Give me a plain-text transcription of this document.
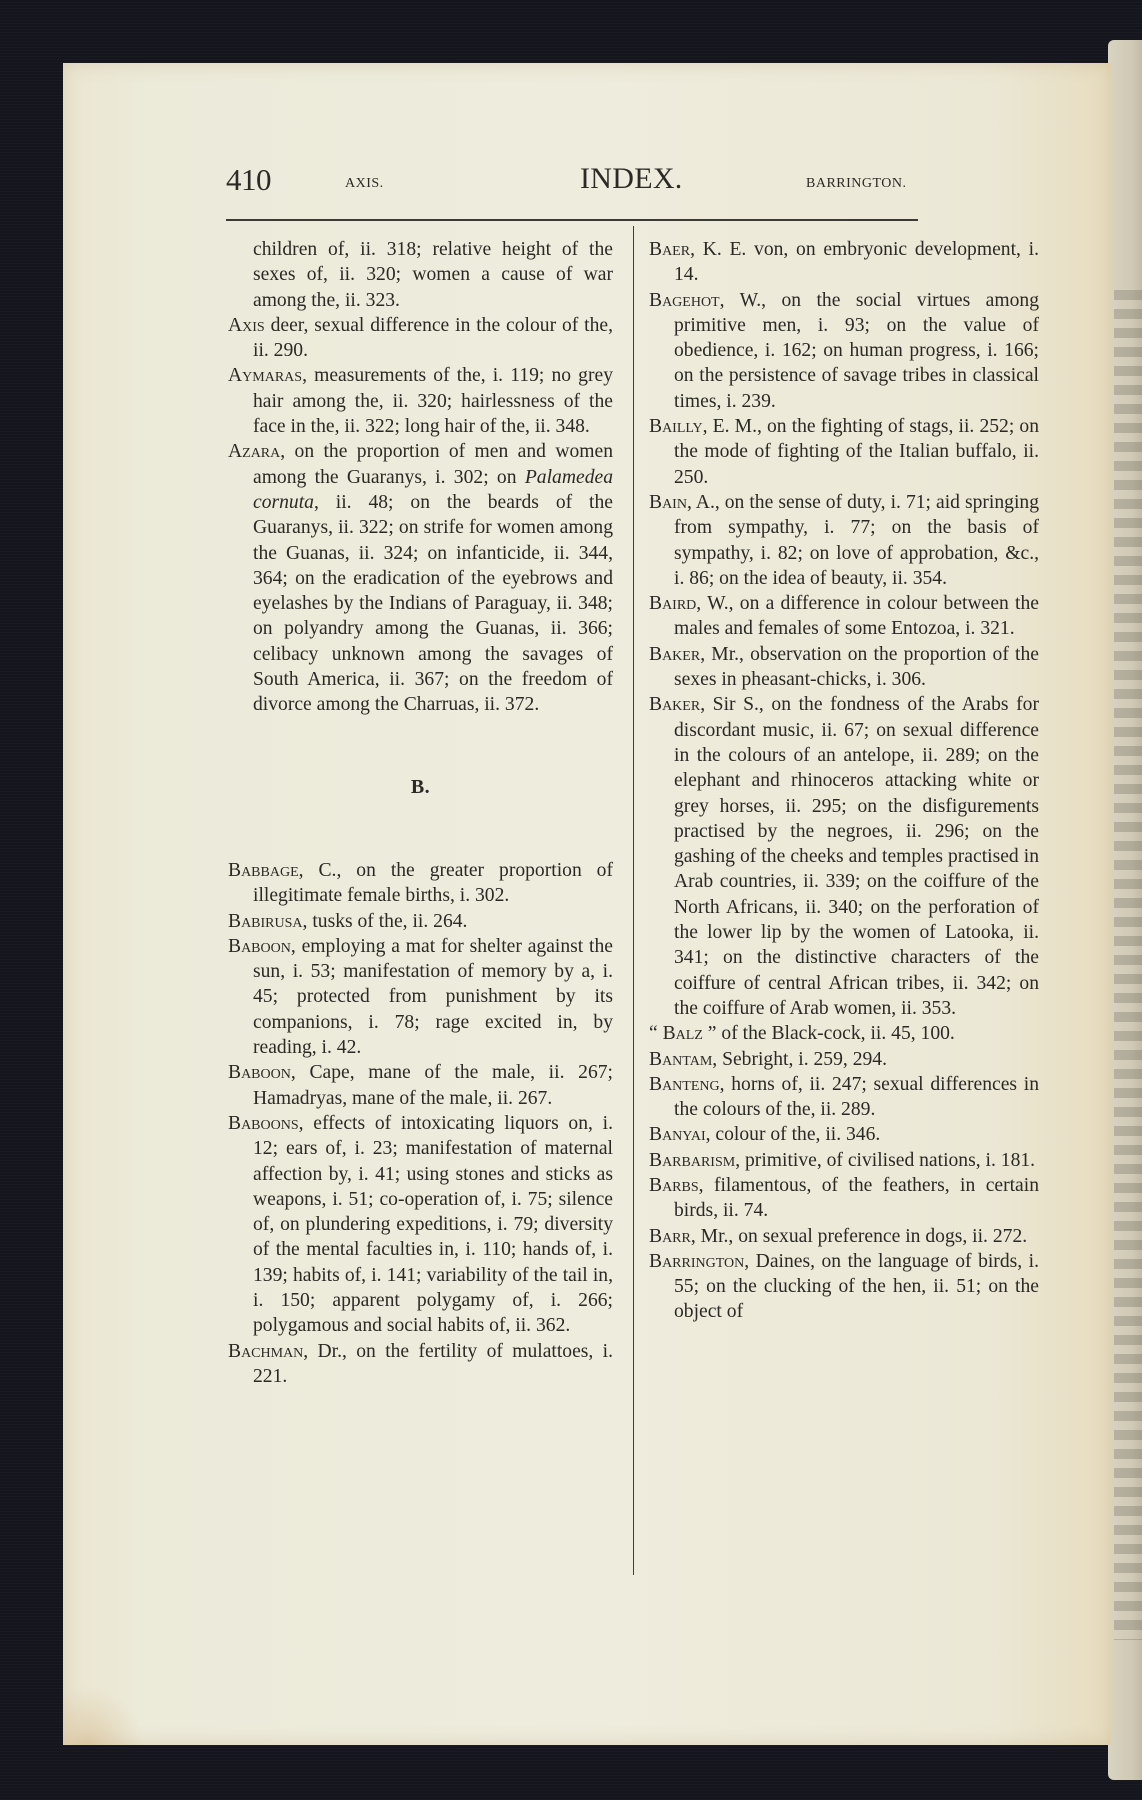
410	AXIS.	INDEX.	BARRINGTON.

children of, ii. 318; relative height of the sexes of, ii. 320; women a cause of war among the, ii. 323.

Axis deer, sexual difference in the colour of the, ii. 290.

Aymaras, measurements of the, i. 119; no grey hair among the, ii. 320; hairlessness of the face in the, ii. 322; long hair of the, ii. 348.

Azara, on the proportion of men and women among the Guaranys, i. 302; on Palamedea cornuta, ii. 48; on the beards of the Guaranys, ii. 322; on strife for women among the Guanas, ii. 324; on infanticide, ii. 344, 364; on the eradication of the eyebrows and eyelashes by the Indians of Paraguay, ii. 348; on polyandry among the Guanas, ii. 366; celibacy unknown among the savages of South America, ii. 367; on the freedom of divorce among the Charruas, ii. 372.

B.

Babbage, C., on the greater proportion of illegitimate female births, i. 302.

Babirusa, tusks of the, ii. 264.

Baboon, employing a mat for shelter against the sun, i. 53; manifestation of memory by a, i. 45; protected from punishment by its companions, i. 78; rage excited in, by reading, i. 42.

Baboon, Cape, mane of the male, ii. 267; Hamadryas, mane of the male, ii. 267.

Baboons, effects of intoxicating liquors on, i. 12; ears of, i. 23; manifestation of maternal affection by, i. 41; using stones and sticks as weapons, i. 51; co-operation of, i. 75; silence of, on plundering expeditions, i. 79; diversity of the mental faculties in, i. 110; hands of, i. 139; habits of, i. 141; variability of the tail in, i. 150; apparent polygamy of, i. 266; polygamous and social habits of, ii. 362.

Bachman, Dr., on the fertility of mulattoes, i. 221.

Baer, K. E. von, on embryonic development, i. 14.

Bagehot, W., on the social virtues among primitive men, i. 93; on the value of obedience, i. 162; on human progress, i. 166; on the persistence of savage tribes in classical times, i. 239.

Bailly, E. M., on the fighting of stags, ii. 252; on the mode of fighting of the Italian buffalo, ii. 250.

Bain, A., on the sense of duty, i. 71; aid springing from sympathy, i. 77; on the basis of sympathy, i. 82; on love of approbation, &c., i. 86; on the idea of beauty, ii. 354.

Baird, W., on a difference in colour between the males and females of some Entozoa, i. 321.

Baker, Mr., observation on the proportion of the sexes in pheasant-chicks, i. 306.

Baker, Sir S., on the fondness of the Arabs for discordant music, ii. 67; on sexual difference in the colours of an antelope, ii. 289; on the elephant and rhinoceros attacking white or grey horses, ii. 295; on the disfigurements practised by the negroes, ii. 296; on the gashing of the cheeks and temples practised in Arab countries, ii. 339; on the coiffure of the North Africans, ii. 340; on the perforation of the lower lip by the women of Latooka, ii. 341; on the distinctive characters of the coiffure of central African tribes, ii. 342; on the coiffure of Arab women, ii. 353.

“ Balz ” of the Black-cock, ii. 45, 100.

Bantam, Sebright, i. 259, 294.

Banteng, horns of, ii. 247; sexual differences in the colours of the, ii. 289.

Banyai, colour of the, ii. 346.

Barbarism, primitive, of civilised nations, i. 181.

Barbs, filamentous, of the feathers, in certain birds, ii. 74.

Barr, Mr., on sexual preference in dogs, ii. 272.

Barrington, Daines, on the language of birds, i. 55; on the clucking of the hen, ii. 51; on the object of
